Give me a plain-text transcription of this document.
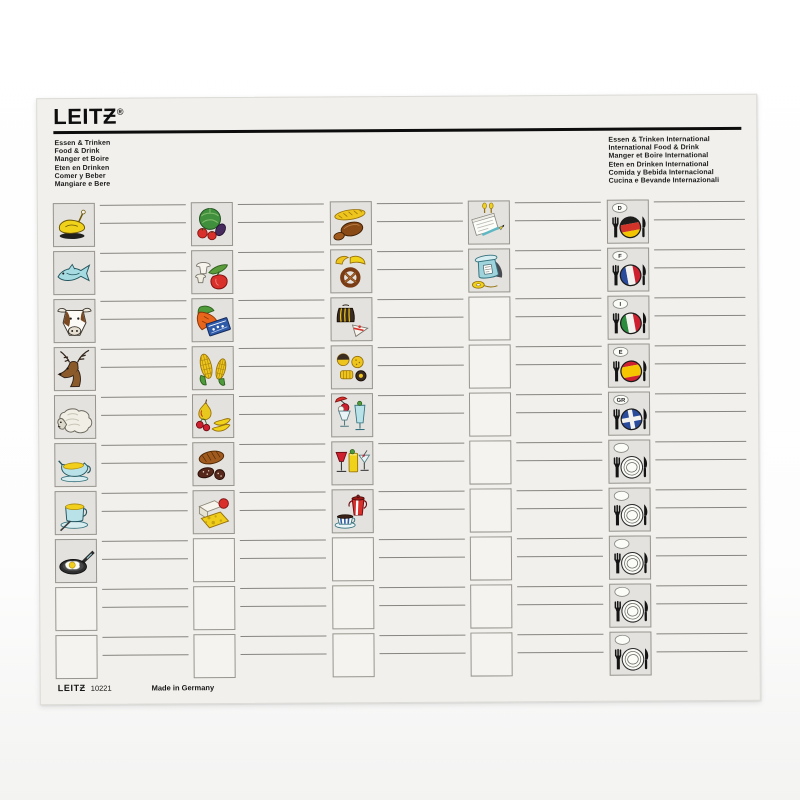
LEITƵ®
Essen & Trinken
Food & Drink
Manger et Boire
Eten en Drinken
Comer y Beber
Mangiare e Bere
Essen & Trinken International
International Food & Drink
Manger et Boire International
Eten en Drinken International
Comida y Bebida Internacional
Cucina e Bevande Internazionali
D
F
I
E
GR
LEITƵ 10221	Made in Germany
